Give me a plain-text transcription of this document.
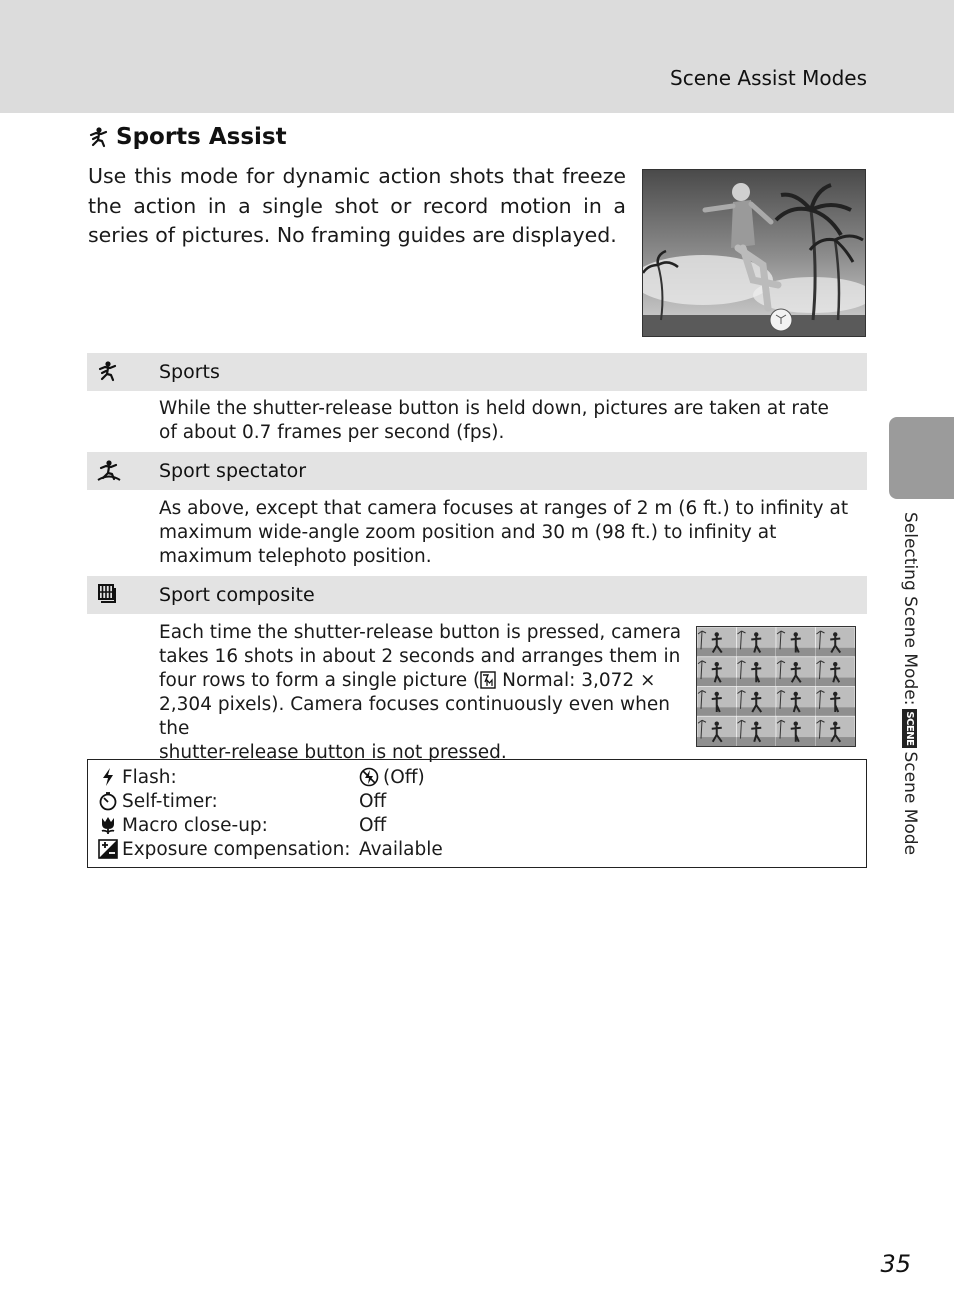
Scene Assist Modes
Sports Assist
Use this mode for dynamic action shots that freeze the action in a single shot or record motion in a series of pictures. No framing guides are displayed.
Sports
While the shutter-release button is held down, pictures are taken at rate of about 0.7 frames per second (fps).
Sport spectator
As above, except that camera focuses at ranges of 2 m (6 ft.) to infinity at maximum wide-angle zoom position and 30 m (98 ft.) to infinity at maximum telephoto position.
Sport composite
Each time the shutter-release button is pressed, camera
takes 16 shots in about 2 seconds and arranges them in
four rows to form a single picture ( Normal: 3,072 ×
2,304 pixels). Camera focuses continuously even when the
shutter-release button is not pressed.
Flash:	(Off)
Self-timer:	Off
Macro close-up:	Off
Exposure compensation: Available
Selecting Scene Mode:
SCENE
Scene Mode
35
